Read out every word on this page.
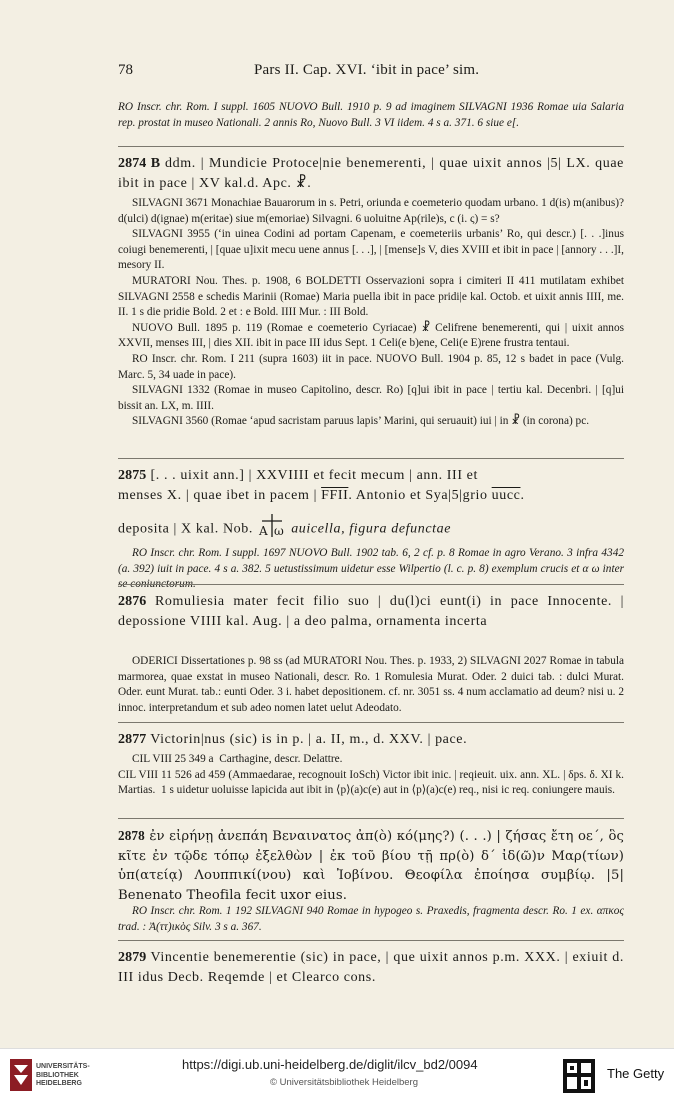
78	Pars II. Cap. XVI. ‘ibit in pace’ sim.
RO Inscr. chr. Rom. I suppl. 1605 NUOVO Bull. 1910 p. 9 ad imaginem SILVAGNI 1936 Romae uia Salaria rep. prostat in museo Nationali. 2 annis Ro, Nuovo Bull. 3 VI iidem. 4 s a. 371. 6 siue e[.
2874 B ddm. | Mundicie Protoce|nie benemerenti, | quae uixit annos |5| LX. quae ibit in pace | XV kal.d. Apc. ☧.
SILVAGNI 3671 Monachiae Bauarorum in s. Petri, oriunda e coemeterio quodam urbano. 1 d(is) m(anibus)? d(ulci) d(ignae) m(eritae) siue m(emoriae) Silvagni. 6 uoluitne Ap(rile)s, c (i. ς) = s?
SILVAGNI 3955 (‘in uinea Codini ad portam Capenam, e coemeteriis urbanis’ Ro, qui descr.) [. . .]inus coiugi benemerenti, | [quae u]ixit mecu uene annus [. . .], | [mense]s V, dies XVIII et ibit in pace | [annory . . .]I, mesory II.
MURATORI Nou. Thes. p. 1908, 6 BOLDETTI Osservazioni sopra i cimiteri II 411 mutilatam exhibet SILVAGNI 2558 e schedis Marinii (Romae) Maria puella ibit in pace pridi|e kal. Octob. et uixit annis IIII, me. II. 1 s die pridie Bold. 2 et : e Bold. IIII Mur. : III Bold.
NUOVO Bull. 1895 p. 119 (Romae e coemeterio Cyriacae) ☧ Celifrene benemerenti, qui | uixit annos XXVII, menses III, | dies XII. ibit in pace III idus Sept. 1 Celi(e b)ene, Celi(e E)rene frustra tentaui.
RO Inscr. chr. Rom. I 211 (supra 1603) iit in pace. NUOVO Bull. 1904 p. 85, 12 s badet in pace (Vulg. Marc. 5, 34 uade in pace).
SILVAGNI 1332 (Romae in museo Capitolino, descr. Ro) [q]ui ibit in pace | tertiu kal. Decenbri. | [q]ui bissit an. LX, m. IIII.
SILVAGNI 3560 (Romae ‘apud sacristam paruus lapis’ Marini, qui seruauit) iui | in ☧ (in corona) pc.
2875 [. . . uixit ann.] | XXVIIII et fecit mecum | ann. III et
menses X. | quae ibet in pacem | FFII. Antonio et Sya|5|grio uucc.
deposita | X kal. Nob. A ω auicella, figura defunctae
RO Inscr. chr. Rom. I suppl. 1697 NUOVO Bull. 1902 tab. 6, 2 cf. p. 8 Romae in agro Verano. 3 infra 4342 (a. 392) iuit in pace. 4 s a. 382. 5 uetustissimum uidetur esse Wilpertio (l. c. p. 8) exemplum crucis et α ω inter se coniunctorum.
2876 Romuliesia mater fecit filio suo | du(l)ci eunt(i) in pace Innocente. | depossione VIIII kal. Aug. | a deo palma, ornamenta incerta
ODERICI Dissertationes p. 98 ss (ad MURATORI Nou. Thes. p. 1933, 2) SILVAGNI 2027 Romae in tabula marmorea, quae exstat in museo Nationali, descr. Ro. 1 Romulesia Murat. Oder. 2 duici tab. : dulci Murat. Oder. eunt Murat. tab.: eunti Oder. 3 i. habet depositionem. cf. nr. 3051 ss. 4 num acclamatio ad deum? nisi u. 2 innoc. interpretandum et sub adeo nomen latet uelut Adeodato.
2877 Victorin|nus (sic) is in p. | a. II, m., d. XXV. | pace.
CIL VIII 25 349 a  Carthagine, descr. Delattre.
CIL VIII 11 526 ad 459 (Ammaedarae, recognouit IoSch) Victor ibit inic. | reqieuit. uix. ann. XL. | δps. δ. XI k. Martias.  1 s uidetur uoluisse lapicida aut ibit in ⟨p⟩(a)c(e) aut in ⟨p⟩(a)c(e) req., nisi ic req. coniungere mauis.
2878 ἐν εἰρήνῃ ἀνεπάη Βεναινατος ἀπ(ὸ) κό(μης?) (. . .) | ζήσας ἔτη οε΄, ὃς κῖτε ἐν τῷδε τόπῳ ἐξελθὼν | ἐκ τοῦ βίου τῇ πρ(ὸ) δ΄ ἰδ(ῶ)ν Μαρ(τίων) ὑπ(ατείᾳ) Λουππικί(νου) καὶ Ἰοβίνου. Θεοφίλα ἐποίησα συμβίῳ. |5| Benenato Theofila fecit uxor eius.
RO Inscr. chr. Rom. 1 192 SILVAGNI 940 Romae in hypogeo s. Praxedis, fragmenta descr. Ro. 1 ex. απκος trad. : Ἀ(ττ)ικὸς Silv. 3 s a. 367.
2879 Vincentie benemerentie (sic) in pace, | que uixit annos p.m. XXX. | exiuit d. III idus Decb. Reqemde | et Clearco cons.
UNIVERSITÄTS-
BIBLIOTHEK
HEIDELBERG
https://digi.ub.uni-heidelberg.de/diglit/ilcv_bd2/0094
© Universitätsbibliothek Heidelberg
The Getty
